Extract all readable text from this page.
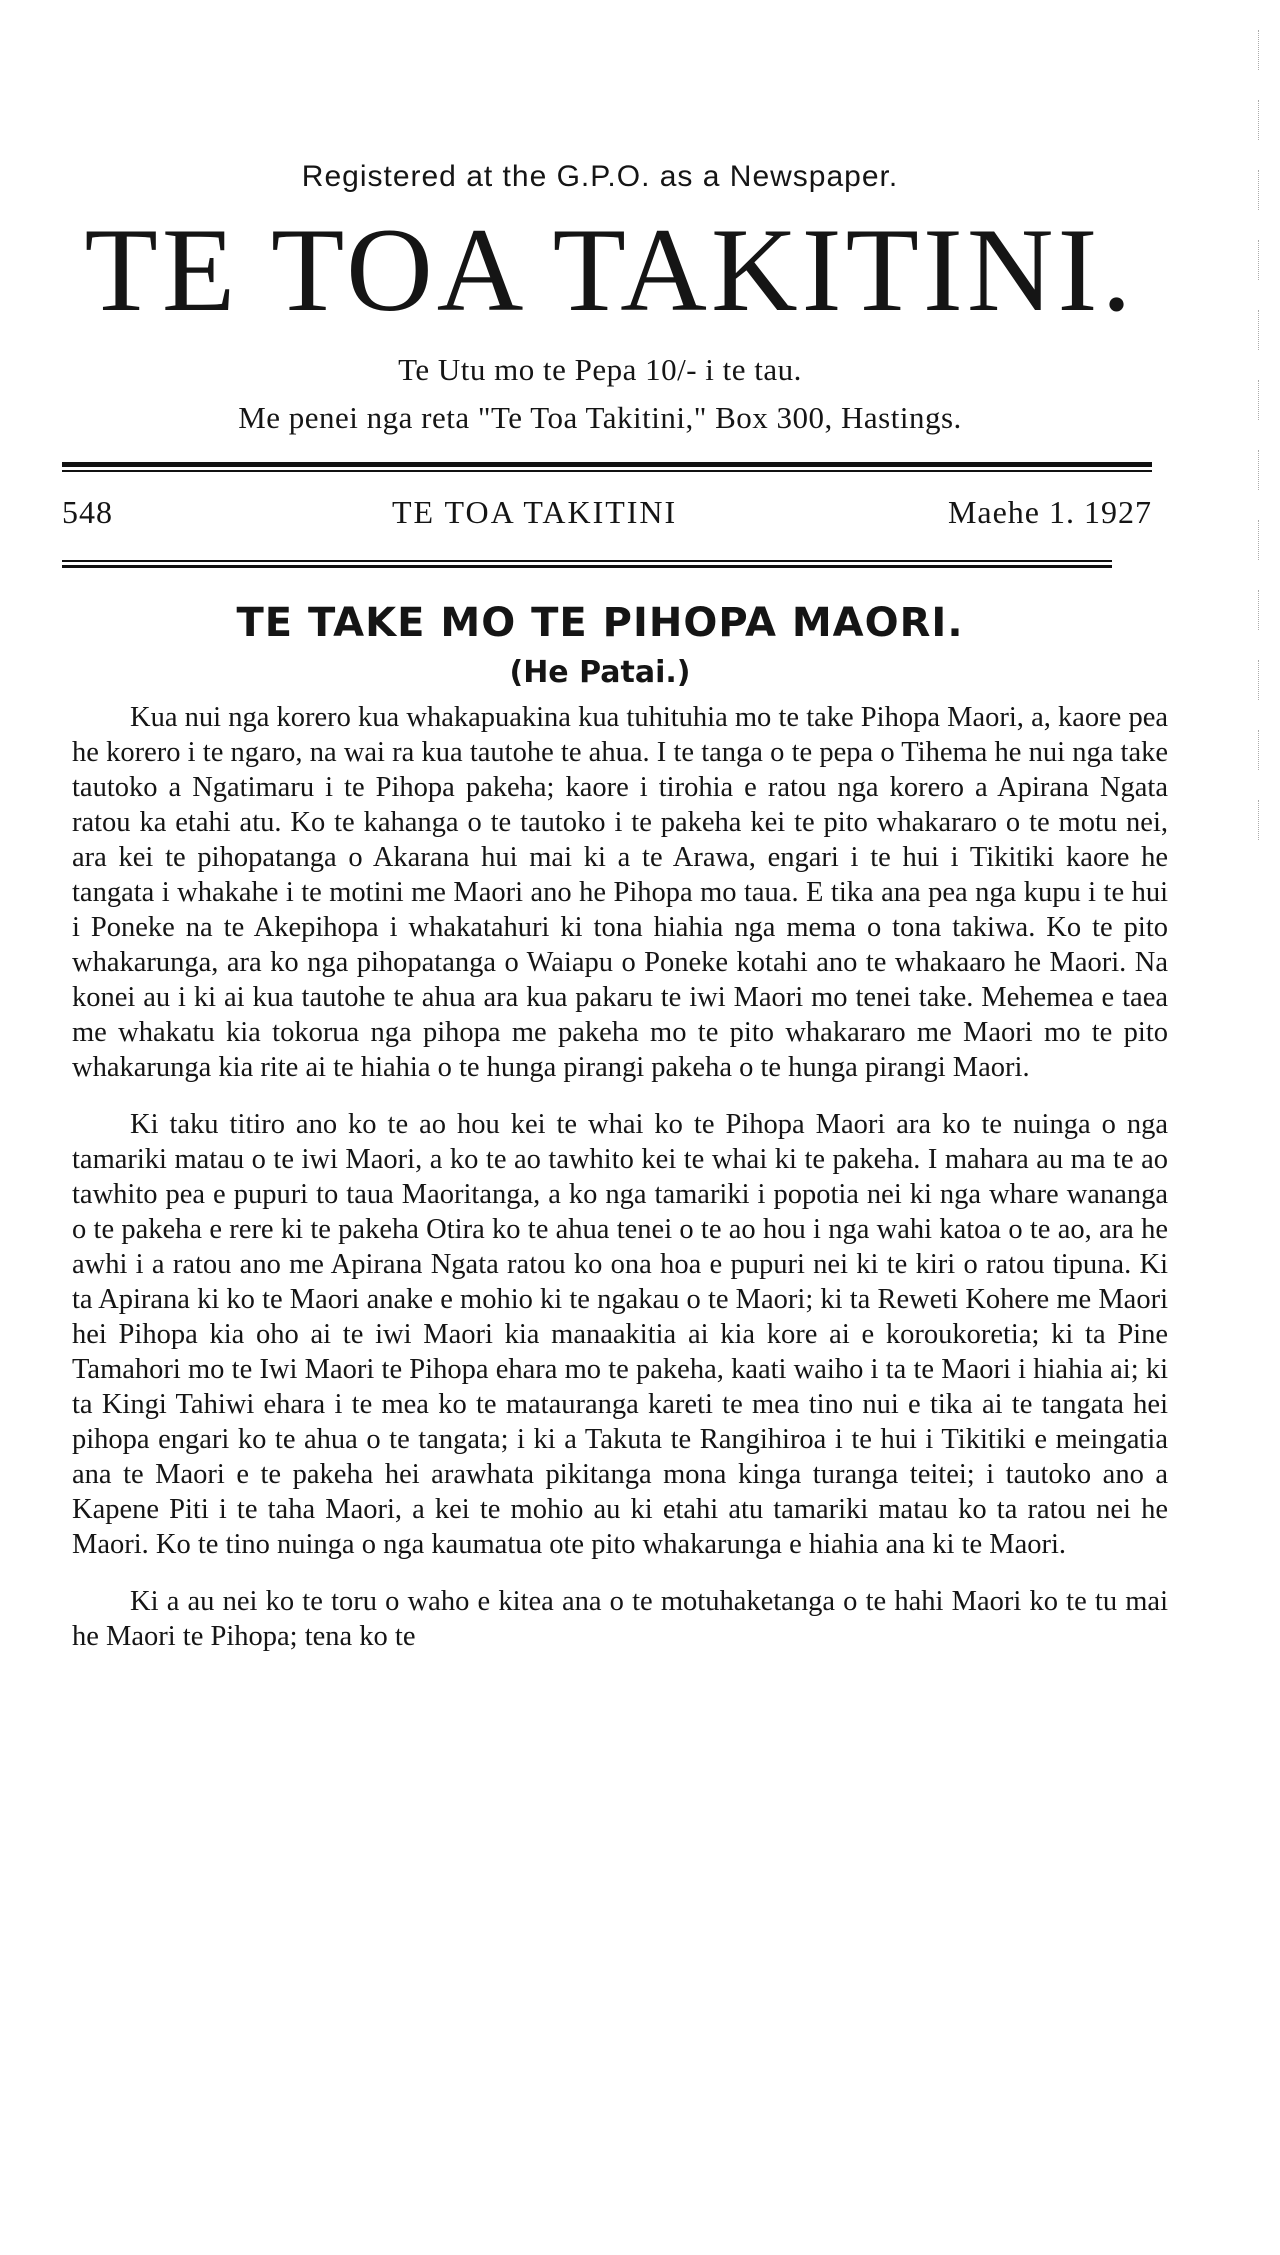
Registered at the G.P.O. as a Newspaper.
TE TOA TAKITINI.
Te Utu mo te Pepa 10/- i te tau.
Me penei nga reta "Te Toa Takitini," Box 300, Hastings.
548	TE TOA TAKITINI	Maehe 1. 1927
TE TAKE MO TE PIHOPA MAORI.
(He Patai.)

Kua nui nga korero kua whakapuakina kua tuhituhia mo te take Pihopa Maori, a, kaore pea he korero i te ngaro, na wai ra kua tautohe te ahua. I te tanga o te pepa o Tihema he nui nga take tautoko a Ngatimaru i te Pihopa pakeha; kaore i tirohia e ratou nga korero a Apirana Ngata ratou ka etahi atu. Ko te kahanga o te tautoko i te pakeha kei te pito whakararo o te motu nei, ara kei te pihopatanga o Akarana hui mai ki a te Arawa, engari i te hui i Tikitiki kaore he tangata i whakahe i te motini me Maori ano he Pihopa mo taua. E tika ana pea nga kupu i te hui i Poneke na te Akepihopa i whakatahuri ki tona hiahia nga mema o tona takiwa. Ko te pito whakarunga, ara ko nga pihopatanga o Waiapu o Poneke kotahi ano te whakaaro he Maori. Na konei au i ki ai kua tautohe te ahua ara kua pakaru te iwi Maori mo tenei take. Mehemea e taea me whakatu kia tokorua nga pihopa me pakeha mo te pito whakararo me Maori mo te pito whakarunga kia rite ai te hiahia o te hunga pirangi pakeha o te hunga pirangi Maori.

Ki taku titiro ano ko te ao hou kei te whai ko te Pihopa Maori ara ko te nuinga o nga tamariki matau o te iwi Maori, a ko te ao tawhito kei te whai ki te pakeha. I mahara au ma te ao tawhito pea e pupuri to taua Maoritanga, a ko nga tamariki i popotia nei ki nga whare wananga o te pakeha e rere ki te pakeha Otira ko te ahua tenei o te ao hou i nga wahi katoa o te ao, ara he awhi i a ratou ano me Apirana Ngata ratou ko ona hoa e pupuri nei ki te kiri o ratou tipuna. Ki ta Apirana ki ko te Maori anake e mohio ki te ngakau o te Maori; ki ta Reweti Kohere me Maori hei Pihopa kia oho ai te iwi Maori kia manaakitia ai kia kore ai e koroukoretia; ki ta Pine Tamahori mo te Iwi Maori te Pihopa ehara mo te pakeha, kaati waiho i ta te Maori i hiahia ai; ki ta Kingi Tahiwi ehara i te mea ko te matauranga kareti te mea tino nui e tika ai te tangata hei pihopa engari ko te ahua o te tangata; i ki a Takuta te Rangihiroa i te hui i Tikitiki e meingatia ana te Maori e te pakeha hei arawhata pikitanga mona kinga turanga teitei; i tautoko ano a Kapene Piti i te taha Maori, a kei te mohio au ki etahi atu tamariki matau ko ta ratou nei he Maori. Ko te tino nuinga o nga kaumatua ote pito whakarunga e hiahia ana ki te Maori.

Ki a au nei ko te toru o waho e kitea ana o te motuhaketanga o te hahi Maori ko te tu mai he Maori te Pihopa; tena ko te
